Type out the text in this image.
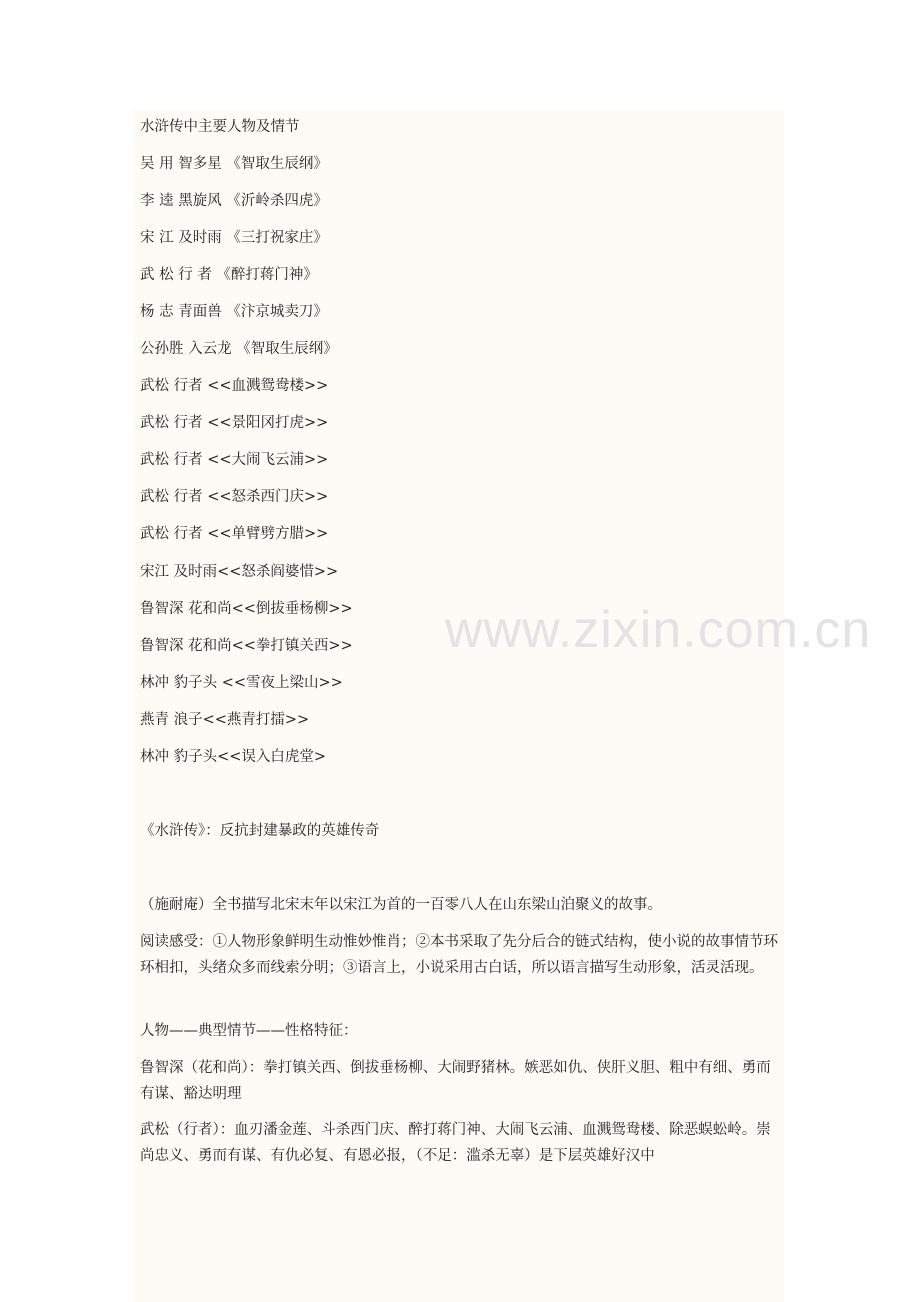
水浒传中主要人物及情节
吴 用 智多星 《智取生辰纲》
李 逵 黑旋风 《沂岭杀四虎》
宋 江 及时雨 《三打祝家庄》
武 松 行 者 《醉打蒋门神》
杨 志 青面兽 《汴京城卖刀》
公孙胜 入云龙 《智取生辰纲》
武松 行者 <<血溅鸳鸯楼>>
武松 行者 <<景阳冈打虎>>
武松 行者 <<大闹飞云浦>>
武松 行者 <<怒杀西门庆>>
武松 行者 <<单臂劈方腊>>
宋江 及时雨<<怒杀阎婆惜>>
鲁智深 花和尚<<倒拔垂杨柳>>
鲁智深 花和尚<<拳打镇关西>>
林冲 豹子头 <<雪夜上梁山>>
燕青 浪子<<燕青打擂>>
林冲 豹子头<<误入白虎堂>
《水浒传》：反抗封建暴政的英雄传奇
（施耐庵）全书描写北宋末年以宋江为首的一百零八人在山东梁山泊聚义的故事。
阅读感受：①人物形象鲜明生动惟妙惟肖；②本书采取了先分后合的链式结构，使小说的故事情节环环相扣，头绪众多而线索分明；③语言上，小说采用古白话，所以语言描写生动形象，活灵活现。
人物——典型情节——性格特征：
鲁智深（花和尚）：拳打镇关西、倒拔垂杨柳、大闹野猪林。嫉恶如仇、侠肝义胆、粗中有细、勇而有谋、豁达明理
武松（行者）：血刃潘金莲、斗杀西门庆、醉打蒋门神、大闹飞云浦、血溅鸳鸯楼、除恶蜈蚣岭。崇尚忠义、勇而有谋、有仇必复、有恩必报，（不足：滥杀无辜）是下层英雄好汉中
www.zixin.com.cn
